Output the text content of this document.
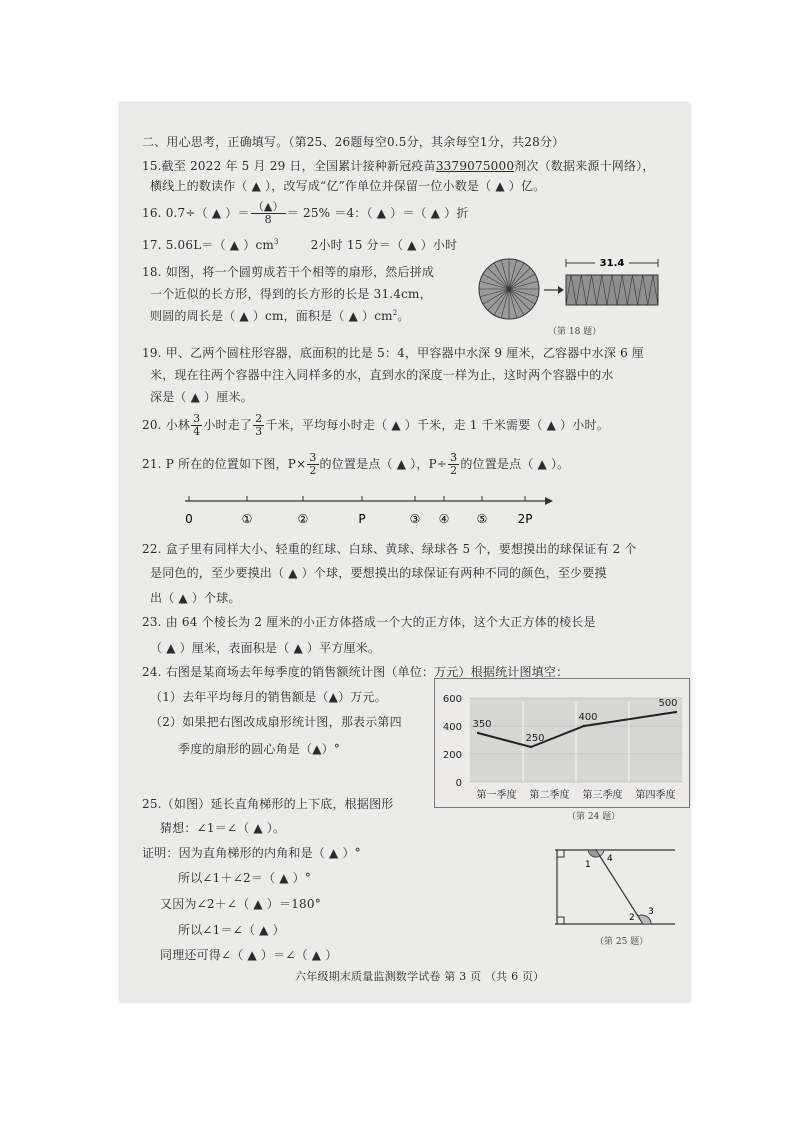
二、用心思考，正确填写。（第25、26题每空0.5分，其余每空1分，共28分）
15.截至 2022 年 5 月 29 日，全国累计接种新冠疫苗3379075000剂次（数据来源十网络），
横线上的数读作（ ▲ ），改写成“亿”作单位并保留一位小数是（ ▲ ）亿。
16. 0.7÷（ ▲ ）＝ $\frac{(▲)}{8} = 25\% =4$：（ ▲ ）＝（ ▲ ）折
17. 5.06L＝（ ▲ ）$cm^3$	2小时 15 分＝（ ▲ ）小时
18. 如图，将一个圆剪成若干个相等的扇形，然后拼成
一个近似的长方形，得到的长方形的长是 31.4cm，
则圆的周长是（ ▲ ）cm，面积是（ ▲ ）$cm^2$。
31.4
（第 18 题）
19. 甲、乙两个圆柱形容器，底面积的比是 5：4，甲容器中水深 9 厘米，乙容器中水深 6 厘
米，现在往两个容器中注入同样多的水，直到水的深度一样为止，这时两个容器中的水
深是（ ▲ ）厘米。
20. 小林 $\frac{3}{4}$ 小时走了 $\frac{2}{3}$ 千米，平均每小时走（ ▲ ）千米，走 1 千米需要（ ▲ ）小时。
21. P 所在的位置如下图，$P\times \frac{3}{2}$ 的位置是点（ ▲ ），$P\div \frac{3}{2}$ 的位置是点（ ▲ ）。
0	①	②	P	③ ④ ⑤	2P
22. 盒子里有同样大小、轻重的红球、白球、黄球、绿球各 5 个，要想摸出的球保证有 2 个
是同色的，至少要摸出（ ▲ ）个球，要想摸出的球保证有两种不同的颜色，至少要摸
出（ ▲ ）个球。
23. 由 64 个棱长为 2 厘米的小正方体搭成一个大的正方体，这个大正方体的棱长是
（ ▲ ）厘米，表面积是（ ▲ ）平方厘米。
24. 右图是某商场去年每季度的销售额统计图（单位：万元）根据统计图填空：
（1）去年平均每月的销售额是（▲）万元。
（2）如果把右图改成扇形统计图，那表示第四
季度的扇形的圆心角是（▲）°
0
200
400
600
第一季度 第二季度 第三季度 第四季度
350
250
400
500
（第 24 题）
25.（如图）延长直角梯形的上下底，根据图形
猜想：∠1＝∠（ ▲ ）。
证明：因为直角梯形的内角和是（ ▲ ）°
所以∠1＋∠2＝（ ▲ ）°
又因为∠2＋∠（ ▲ ）＝180°
所以∠1＝∠（ ▲ ）
同理还可得∠（ ▲ ）＝∠（ ▲ ）
1
4
2
3
（第 25 题）
六年级期末质量监测数学试卷 第 3 页 （共 6 页）
